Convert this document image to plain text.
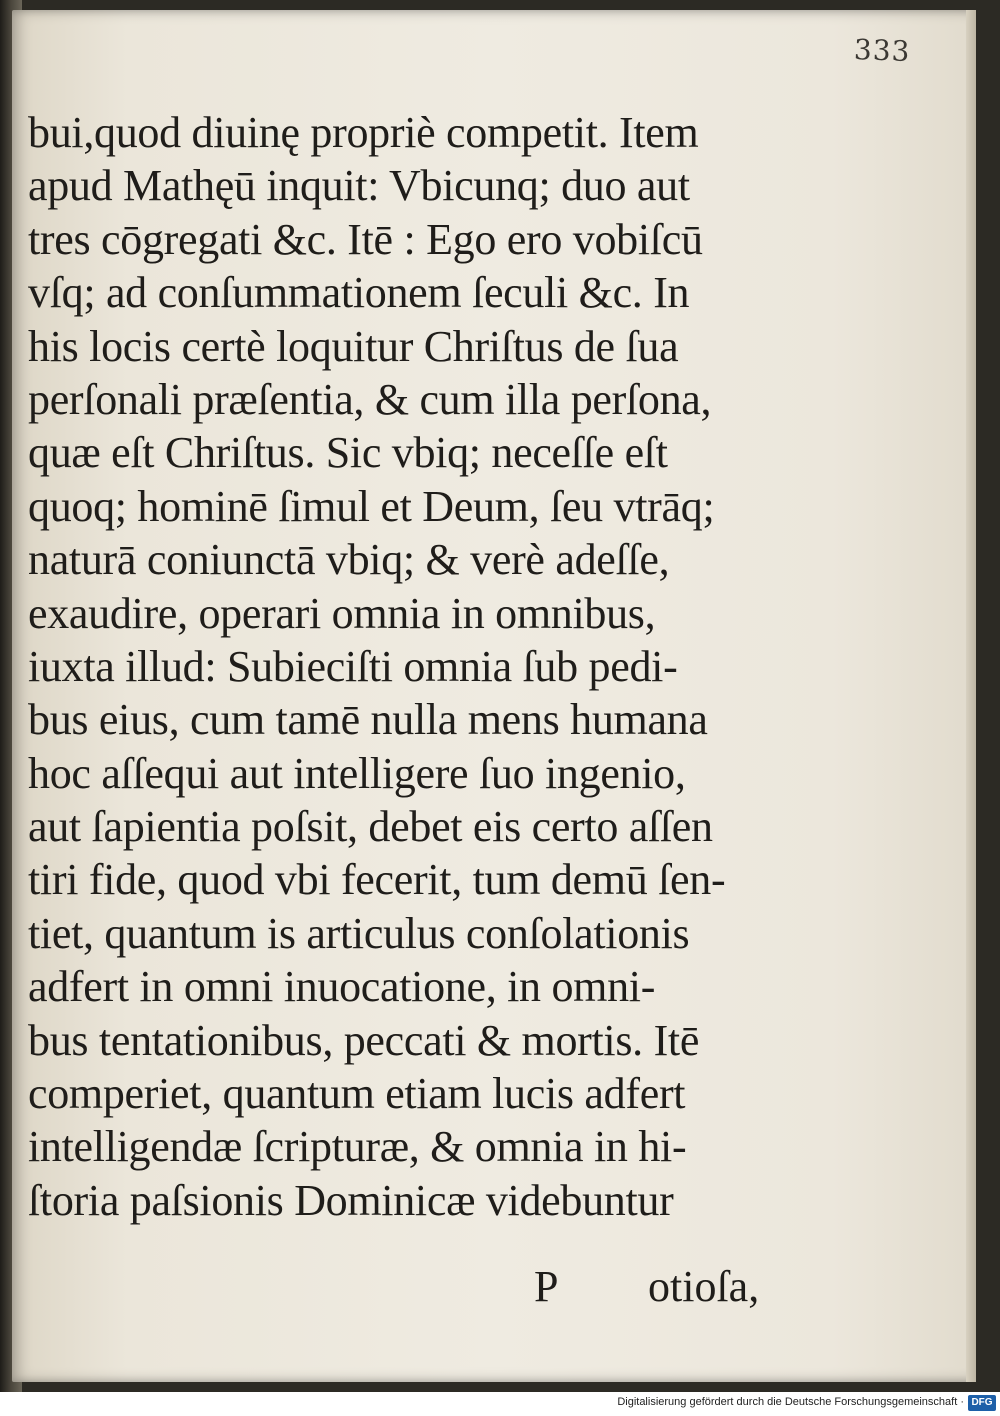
333
bui,quod diuinę propriè competit. Item
apud Mathęū inquit: Vbicunq; duo aut
tres cōgregati &c. Itē : Ego ero vobiſcū
vſq; ad conſummationem ſeculi &c. In
his locis certè loquitur Chriſtus de ſua
perſonali præſentia, & cum illa perſona,
quæ eſt Chriſtus. Sic vbiq; neceſſe eſt
quoq; hominē ſimul et Deum, ſeu vtrāq;
naturā coniunctā vbiq; & verè adeſſe,
exaudire, operari omnia in omnibus,
iuxta illud: Subieciſti omnia ſub pedi-
bus eius, cum tamē nulla mens humana
hoc aſſequi aut intelligere ſuo ingenio,
aut ſapientia poſsit, debet eis certo aſſen
tiri fide, quod vbi fecerit, tum demū ſen-
tiet, quantum is articulus conſolationis
adfert in omni inuocatione, in omni-
bus tentationibus, peccati & mortis. Itē
comperiet, quantum etiam lucis adfert
intelligendæ ſcripturæ, & omnia in hi-
ſtoria paſsionis Dominicæ videbuntur
P otioſa,
Digitalisierung gefördert durch die Deutsche Forschungsgemeinschaft · DFG
